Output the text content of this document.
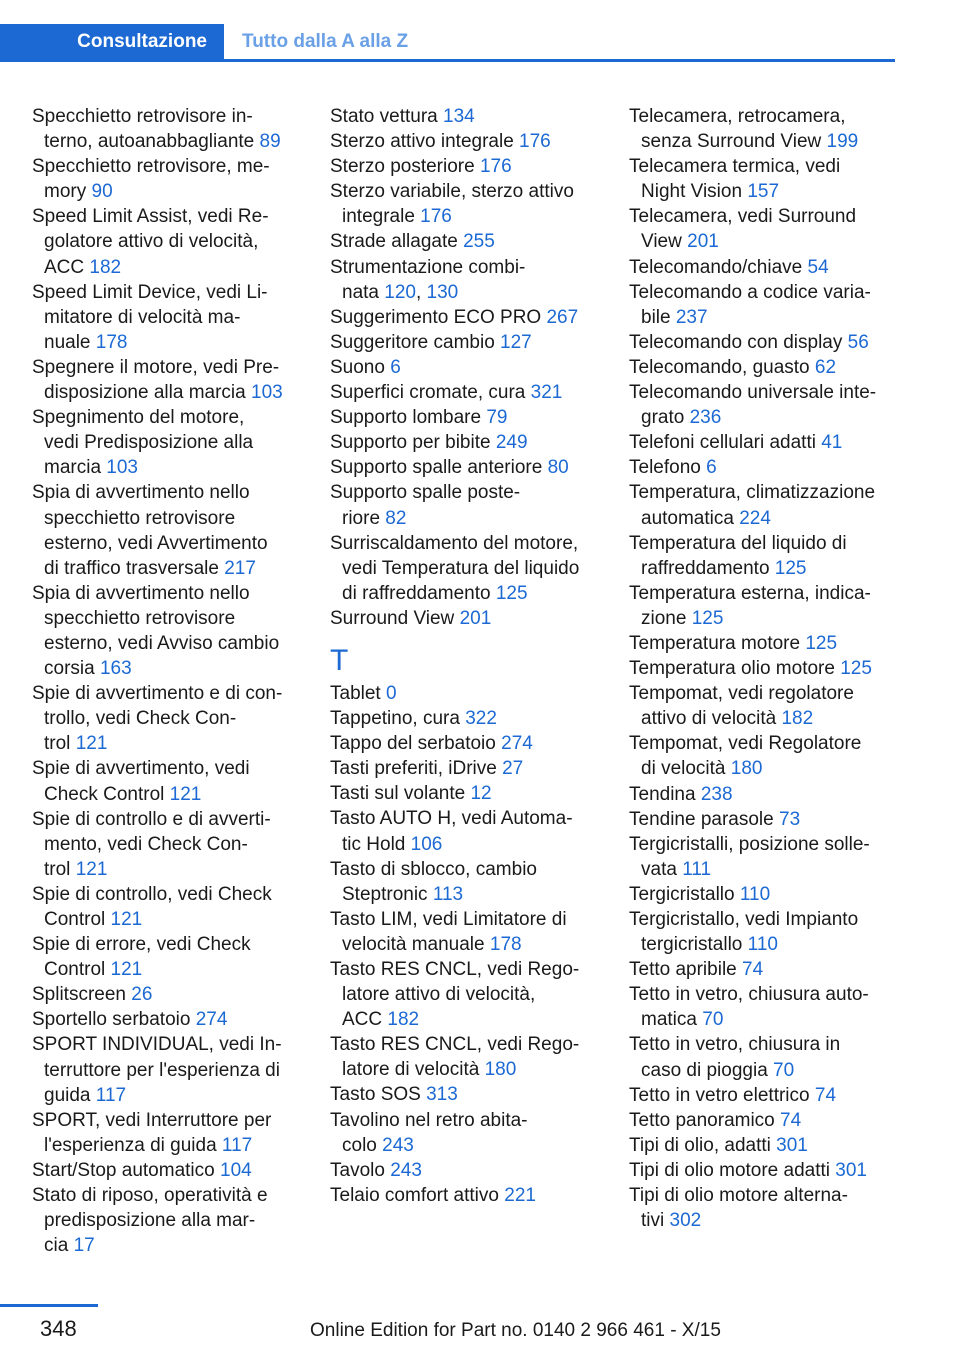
Consultazione	Tutto dalla A alla Z
Specchietto retrovisore in-
terno, autoanabbagliante 89
Specchietto retrovisore, me-
mory 90
Speed Limit Assist, vedi Re-
golatore attivo di velocità,
ACC 182
Speed Limit Device, vedi Li-
mitatore di velocità ma-
nuale 178
Spegnere il motore, vedi Pre-
disposizione alla marcia 103
Spegnimento del motore,
vedi Predisposizione alla
marcia 103
Spia di avvertimento nello
specchietto retrovisore
esterno, vedi Avvertimento
di traffico trasversale 217
Spia di avvertimento nello
specchietto retrovisore
esterno, vedi Avviso cambio
corsia 163
Spie di avvertimento e di con-
trollo, vedi Check Con-
trol 121
Spie di avvertimento, vedi
Check Control 121
Spie di controllo e di avverti-
mento, vedi Check Con-
trol 121
Spie di controllo, vedi Check
Control 121
Spie di errore, vedi Check
Control 121
Splitscreen 26
Sportello serbatoio 274
SPORT INDIVIDUAL, vedi In-
terruttore per l'esperienza di
guida 117
SPORT, vedi Interruttore per
l'esperienza di guida 117
Start/Stop automatico 104
Stato di riposo, operatività e
predisposizione alla mar-
cia 17
Stato vettura 134
Sterzo attivo integrale 176
Sterzo posteriore 176
Sterzo variabile, sterzo attivo
integrale 176
Strade allagate 255
Strumentazione combi-
nata 120, 130
Suggerimento ECO PRO 267
Suggeritore cambio 127
Suono 6
Superfici cromate, cura 321
Supporto lombare 79
Supporto per bibite 249
Supporto spalle anteriore 80
Supporto spalle poste-
riore 82
Surriscaldamento del motore,
vedi Temperatura del liquido
di raffreddamento 125
Surround View 201
T
Tablet 0
Tappetino, cura 322
Tappo del serbatoio 274
Tasti preferiti, iDrive 27
Tasti sul volante 12
Tasto AUTO H, vedi Automa-
tic Hold 106
Tasto di sblocco, cambio
Steptronic 113
Tasto LIM, vedi Limitatore di
velocità manuale 178
Tasto RES CNCL, vedi Rego-
latore attivo di velocità,
ACC 182
Tasto RES CNCL, vedi Rego-
latore di velocità 180
Tasto SOS 313
Tavolino nel retro abita-
colo 243
Tavolo 243
Telaio comfort attivo 221
Telecamera, retrocamera,
senza Surround View 199
Telecamera termica, vedi
Night Vision 157
Telecamera, vedi Surround
View 201
Telecomando/chiave 54
Telecomando a codice varia-
bile 237
Telecomando con display 56
Telecomando, guasto 62
Telecomando universale inte-
grato 236
Telefoni cellulari adatti 41
Telefono 6
Temperatura, climatizzazione
automatica 224
Temperatura del liquido di
raffreddamento 125
Temperatura esterna, indica-
zione 125
Temperatura motore 125
Temperatura olio motore 125
Tempomat, vedi regolatore
attivo di velocità 182
Tempomat, vedi Regolatore
di velocità 180
Tendina 238
Tendine parasole 73
Tergicristalli, posizione solle-
vata 111
Tergicristallo 110
Tergicristallo, vedi Impianto
tergicristallo 110
Tetto apribile 74
Tetto in vetro, chiusura auto-
matica 70
Tetto in vetro, chiusura in
caso di pioggia 70
Tetto in vetro elettrico 74
Tetto panoramico 74
Tipi di olio, adatti 301
Tipi di olio motore adatti 301
Tipi di olio motore alterna-
tivi 302
348	Online Edition for Part no. 0140 2 966 461 - X/15
